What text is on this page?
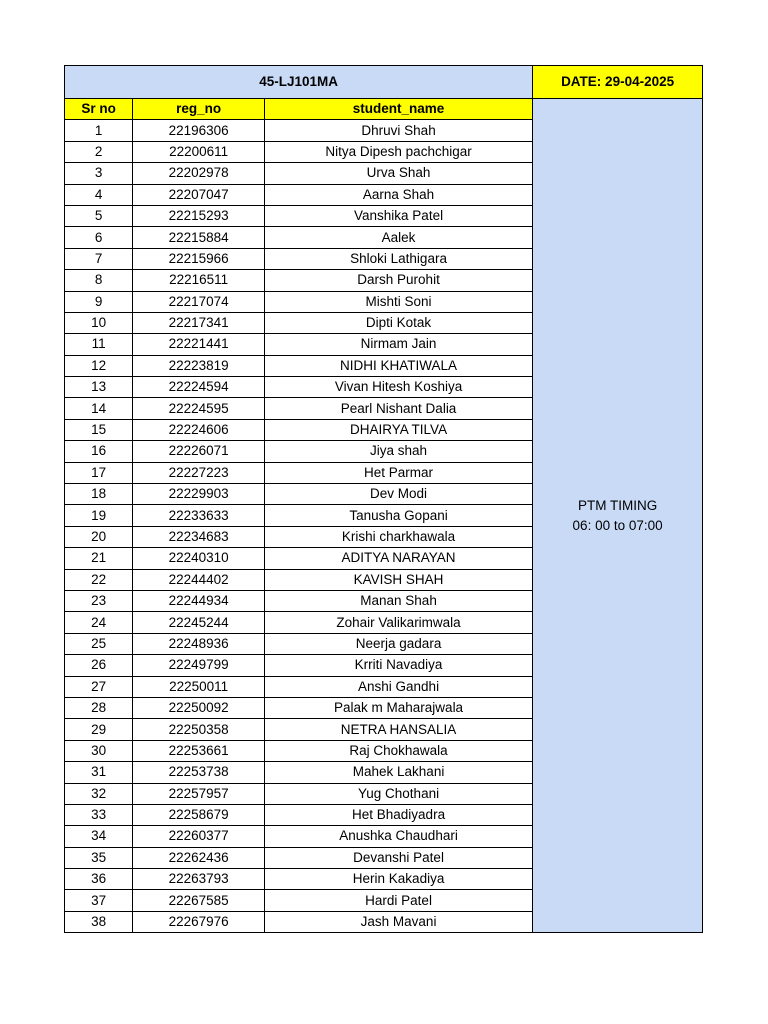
45-LJ101MA			DATE: 29-04-2025
Sr no	reg_no	student_name	PTM TIMING
06: 00 to 07:00

1	22196306	Dhruvi Shah	
2	22200611	Nitya Dipesh pachchigar	
3	22202978	Urva Shah	
4	22207047	Aarna Shah	
5	22215293	Vanshika Patel	
6	22215884	Aalek	
7	22215966	Shloki Lathigara	
8	22216511	Darsh Purohit	
9	22217074	Mishti Soni	
10	22217341	Dipti Kotak	
11	22221441	Nirmam Jain	
12	22223819	NIDHI KHATIWALA	
13	22224594	Vivan Hitesh Koshiya	
14	22224595	Pearl Nishant Dalia	
15	22224606	DHAIRYA TILVA	
16	22226071	Jiya shah	
17	22227223	Het Parmar	
18	22229903	Dev Modi	
19	22233633	Tanusha Gopani	
20	22234683	Krishi charkhawala	
21	22240310	ADITYA NARAYAN	
22	22244402	KAVISH SHAH	
23	22244934	Manan Shah	
24	22245244	Zohair Valikarimwala	
25	22248936	Neerja gadara	
26	22249799	Krriti Navadiya	
27	22250011	Anshi Gandhi	
28	22250092	Palak m Maharajwala	
29	22250358	NETRA HANSALIA	
30	22253661	Raj Chokhawala	
31	22253738	Mahek Lakhani	
32	22257957	Yug Chothani	
33	22258679	Het Bhadiyadra	
34	22260377	Anushka Chaudhari	
35	22262436	Devanshi Patel	
36	22263793	Herin Kakadiya	
37	22267585	Hardi Patel	
38	22267976	Jash Mavani	
